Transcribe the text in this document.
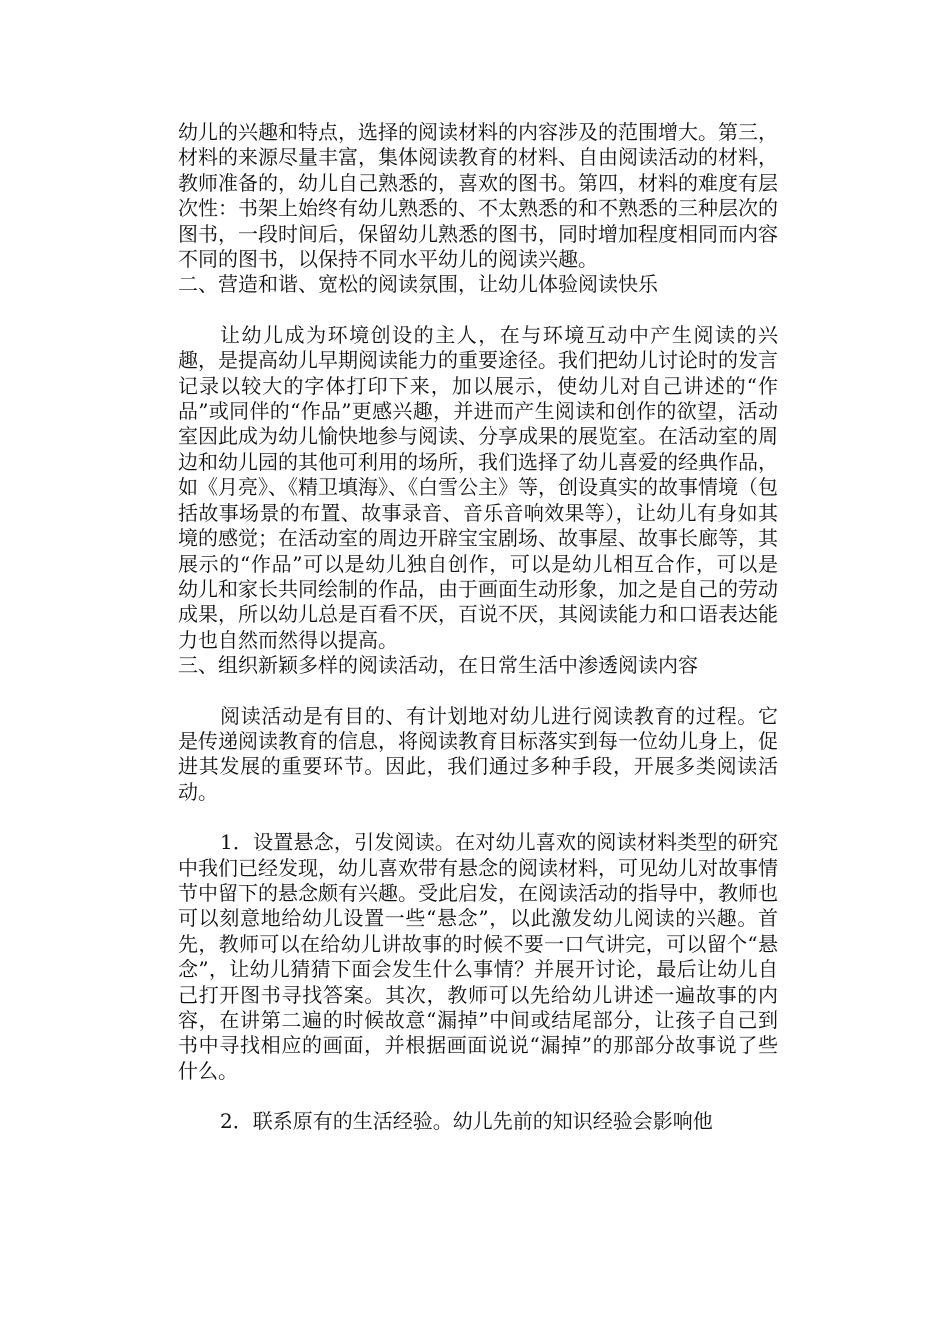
幼儿的兴趣和特点，选择的阅读材料的内容涉及的范围增大。第三，材料的来源尽量丰富，集体阅读教育的材料、自由阅读活动的材料，教师准备的，幼儿自己熟悉的，喜欢的图书。第四，材料的难度有层次性：书架上始终有幼儿熟悉的、不太熟悉的和不熟悉的三种层次的图书，一段时间后，保留幼儿熟悉的图书，同时增加程度相同而内容不同的图书，以保持不同水平幼儿的阅读兴趣。

二、营造和谐、宽松的阅读氛围，让幼儿体验阅读快乐

让幼儿成为环境创设的主人，在与环境互动中产生阅读的兴趣，是提高幼儿早期阅读能力的重要途径。我们把幼儿讨论时的发言记录以较大的字体打印下来，加以展示，使幼儿对自己讲述的“作品”或同伴的“作品”更感兴趣，并进而产生阅读和创作的欲望，活动室因此成为幼儿愉快地参与阅读、分享成果的展览室。在活动室的周边和幼儿园的其他可利用的场所，我们选择了幼儿喜爱的经典作品，如《月亮》、《精卫填海》、《白雪公主》等，创设真实的故事情境（包括故事场景的布置、故事录音、音乐音响效果等），让幼儿有身如其境的感觉；在活动室的周边开辟宝宝剧场、故事屋、故事长廊等，其展示的“作品”可以是幼儿独自创作，可以是幼儿相互合作，可以是幼儿和家长共同绘制的作品，由于画面生动形象，加之是自己的劳动成果，所以幼儿总是百看不厌，百说不厌，其阅读能力和口语表达能力也自然而然得以提高。

三、组织新颖多样的阅读活动，在日常生活中渗透阅读内容

阅读活动是有目的、有计划地对幼儿进行阅读教育的过程。它是传递阅读教育的信息，将阅读教育目标落实到每一位幼儿身上，促进其发展的重要环节。因此，我们通过多种手段，开展多类阅读活动。

1．设置悬念，引发阅读。在对幼儿喜欢的阅读材料类型的研究中我们已经发现，幼儿喜欢带有悬念的阅读材料，可见幼儿对故事情节中留下的悬念颇有兴趣。受此启发，在阅读活动的指导中，教师也可以刻意地给幼儿设置一些“悬念”，以此激发幼儿阅读的兴趣。首先，教师可以在给幼儿讲故事的时候不要一口气讲完，可以留个“悬念”，让幼儿猜猜下面会发生什么事情？并展开讨论，最后让幼儿自己打开图书寻找答案。其次，教师可以先给幼儿讲述一遍故事的内容，在讲第二遍的时候故意“漏掉”中间或结尾部分，让孩子自己到书中寻找相应的画面，并根据画面说说“漏掉”的那部分故事说了些什么。

2．联系原有的生活经验。幼儿先前的知识经验会影响他
